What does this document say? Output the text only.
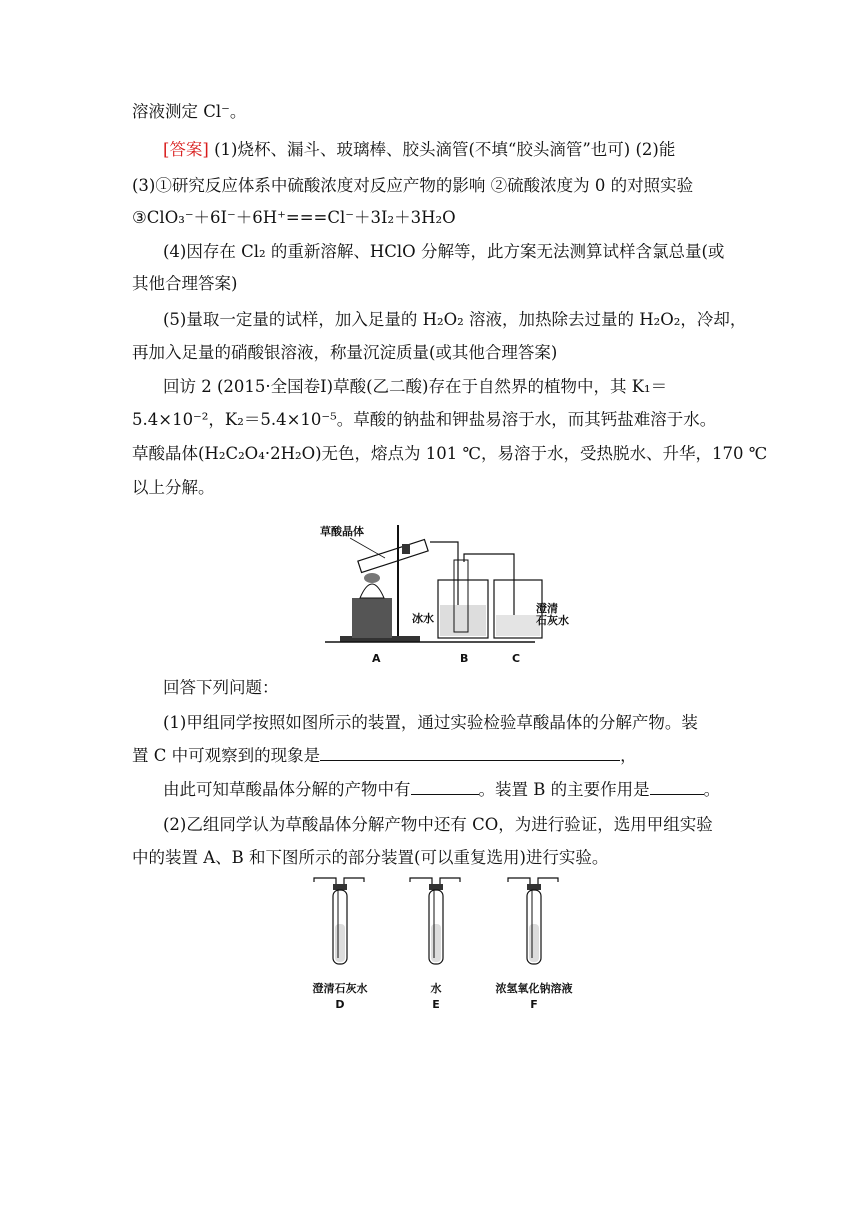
溶液测定 Cl⁻。
[答案] (1)烧杯、漏斗、玻璃棒、胶头滴管(不填“胶头滴管”也可) (2)能
(3)①研究反应体系中硫酸浓度对反应产物的影响 ②硫酸浓度为 0 的对照实验
③ClO₃⁻＋6I⁻＋6H⁺===Cl⁻＋3I₂＋3H₂O
(4)因存在 Cl₂ 的重新溶解、HClO 分解等，此方案无法测算试样含氯总量(或
其他合理答案)
(5)量取一定量的试样，加入足量的 H₂O₂ 溶液，加热除去过量的 H₂O₂，冷却，
再加入足量的硝酸银溶液，称量沉淀质量(或其他合理答案)
回访 2 (2015·全国卷Ⅰ)草酸(乙二酸)存在于自然界的植物中，其 K₁＝
5.4×10⁻²，K₂＝5.4×10⁻⁵。草酸的钠盐和钾盐易溶于水，而其钙盐难溶于水。
草酸晶体(H₂C₂O₄·2H₂O)无色，熔点为 101 ℃，易溶于水，受热脱水、升华，170 ℃
以上分解。
草酸晶体
冰水
澄清
石灰水
A	B	C
回答下列问题：
(1)甲组同学按照如图所示的装置，通过实验检验草酸晶体的分解产物。装
置 C 中可观察到的现象是	，
由此可知草酸晶体分解的产物中有	。装置 B 的主要作用是	。
(2)乙组同学认为草酸晶体分解产物中还有 CO，为进行验证，选用甲组实验
中的装置 A、B 和下图所示的部分装置(可以重复选用)进行实验。
澄清石灰水
D
水
E
浓氢氧化钠溶液
F
